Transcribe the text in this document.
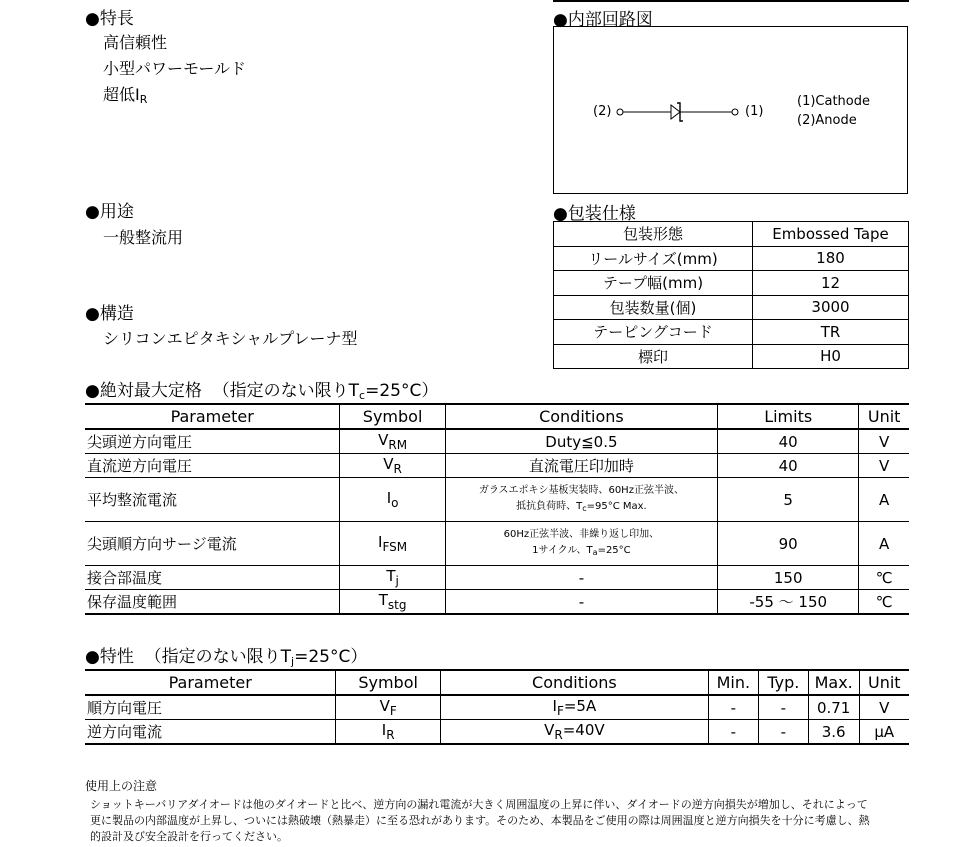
●特長
高信頼性
小型パワーモールド
超低$I_R$
●内部回路図
(2)	(1)
(1)Cathode
(2)Anode
●用途
一般整流用
●包装仕様
包装形態	Embossed Tape
リールサイズ(mm)	180
テープ幅(mm)	12
包装数量(個)	3000
テーピングコード	TR
標印	H0
●構造
シリコンエピタキシャルプレーナ型
●絶対最大定格 （指定のない限り$T_c=25^\circ C$）
Parameter	Symbol	Conditions	Limits	Unit
尖頭逆方向電圧	$V_{RM}$	Duty≦0.5	40	V
直流逆方向電圧	$V_R$	直流電圧印加時	40	V
平均整流電流	$I_o$	ガラスエポキシ基板実装時、60Hz正弦半波、
抵抗負荷時、$T_c=95^\circ C$ Max.	5	A
尖頭順方向サージ電流	$I_{FSM}$	60Hz正弦半波、非繰り返し印加、
1サイクル、$T_a=25^\circ C$	90	A
接合部温度	$T_j$	-	150	℃
保存温度範囲	$T_{stg}$	-	-55 ～ 150	℃
●特性 （指定のない限り$T_j=25^\circ C$）
Parameter	Symbol	Conditions	Min.	Typ.	Max.	Unit
順方向電圧	$V_F$	$I_F=5A$	-	-	0.71	V
逆方向電流	$I_R$	$V_R=40V$	-	-	3.6	μA
使用上の注意
ショットキーバリアダイオードは他のダイオードと比べ、逆方向の漏れ電流が大きく周囲温度の上昇に伴い、ダイオードの逆方向損失が増加し、それによって
更に製品の内部温度が上昇し、ついには熱破壊（熱暴走）に至る恐れがあります。そのため、本製品をご使用の際は周囲温度と逆方向損失を十分に考慮し、熱
的設計及び安全設計を行ってください。
